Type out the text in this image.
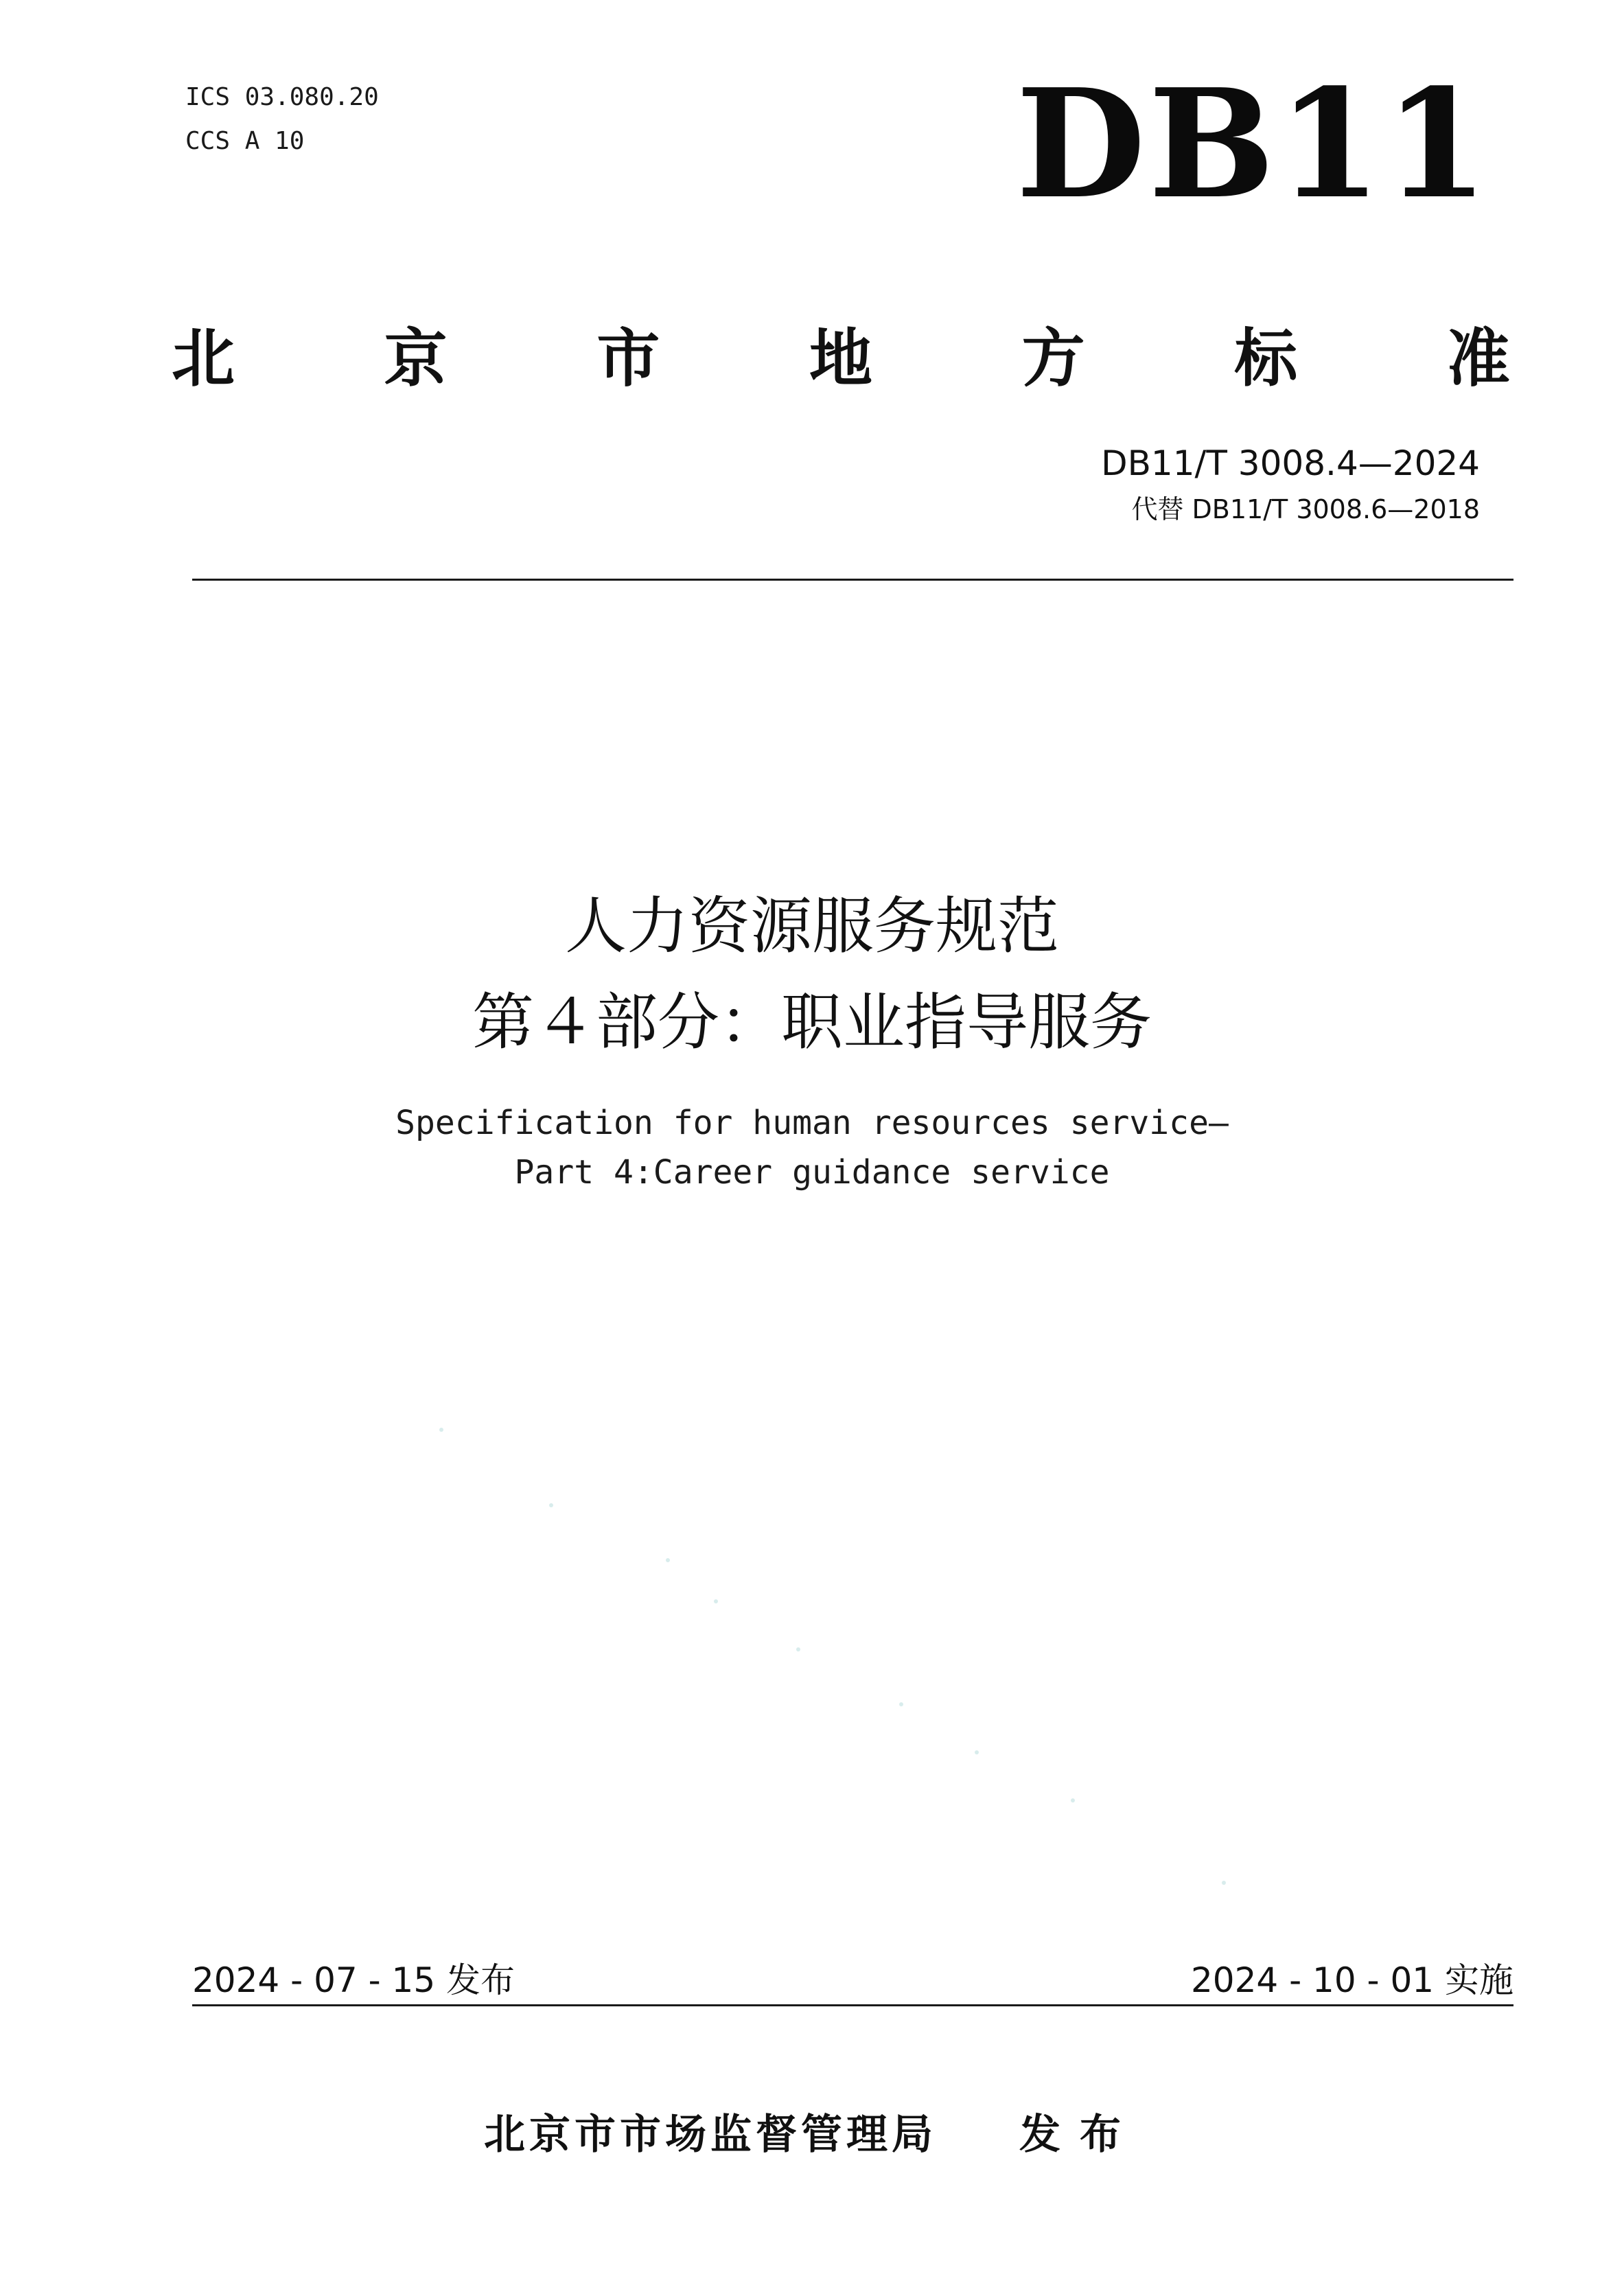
ICS 03.080.20
CCS A 10	DB11
北 京 市 地 方 标 准
DB11/T 3008.4—2024
代替 DB11/T 3008.6—2018
人力资源服务规范
第４部分：职业指导服务
Specification for human resources service—
Part 4:Career guidance service
2024 - 07 - 15 发布	2024 - 10 - 01 实施
北京市市场监督管理局 发布
